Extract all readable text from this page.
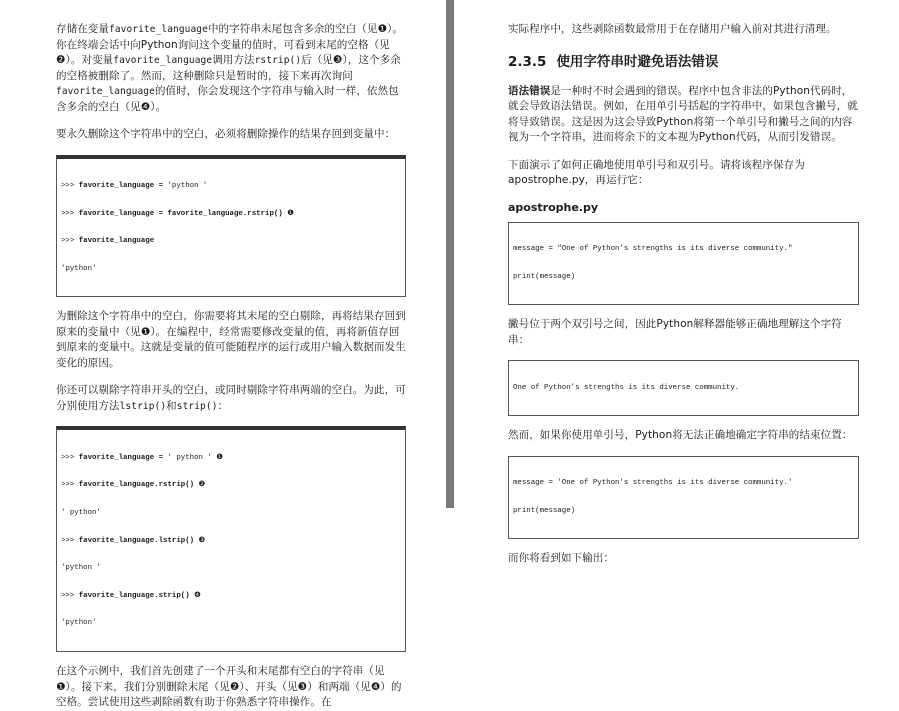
存储在变量favorite_language中的字符串末尾包含多余的空白（见❶）。你在终端会话中向Python询问这个变量的值时，可看到末尾的空格（见❷）。对变量favorite_language调用方法rstrip()后（见❸），这个多余的空格被删除了。然而，这种删除只是暂时的，接下来再次询问favorite_language的值时，你会发现这个字符串与输入时一样，依然包含多余的空白（见❹）。

要永久删除这个字符串中的空白，必须将删除操作的结果存回到变量中：

>>> favorite_language = 'python '

>>> favorite_language = favorite_language.rstrip() ❶

>>> favorite_language

'python'

为删除这个字符串中的空白，你需要将其末尾的空白剔除，再将结果存回到原来的变量中（见❶）。在编程中，经常需要修改变量的值，再将新值存回到原来的变量中。这就是变量的值可能随程序的运行或用户输入数据而发生变化的原因。

你还可以剔除字符串开头的空白，或同时剔除字符串两端的空白。为此，可分别使用方法lstrip()和strip()：

>>> favorite_language = ' python ' ❶

>>> favorite_language.rstrip() ❷

' python'

>>> favorite_language.lstrip() ❸

'python '

>>> favorite_language.strip() ❹

'python'

在这个示例中，我们首先创建了一个开头和末尾都有空白的字符串（见❶）。接下来，我们分别删除末尾（见❷）、开头（见❸）和两端（见❹）的空格。尝试使用这些剥除函数有助于你熟悉字符串操作。在

实际程序中，这些剥除函数最常用于在存储用户输入前对其进行清理。

2.3.5 使用字符串时避免语法错误

语法错误是一种时不时会遇到的错误。程序中包含非法的Python代码时，就会导致语法错误。例如，在用单引号括起的字符串中，如果包含撇号，就将导致错误。这是因为这会导致Python将第一个单引号和撇号之间的内容视为一个字符串，进而将余下的文本视为Python代码，从而引发错误。

下面演示了如何正确地使用单引号和双引号。请将该程序保存为apostrophe.py，再运行它：

apostrophe.py

message = "One of Python's strengths is its diverse community."

print(message)

撇号位于两个双引号之间，因此Python解释器能够正确地理解这个字符串：

One of Python's strengths is its diverse community.

然而，如果你使用单引号，Python将无法正确地确定字符串的结束位置：

message = 'One of Python's strengths is its diverse community.'

print(message)

而你将看到如下输出：
